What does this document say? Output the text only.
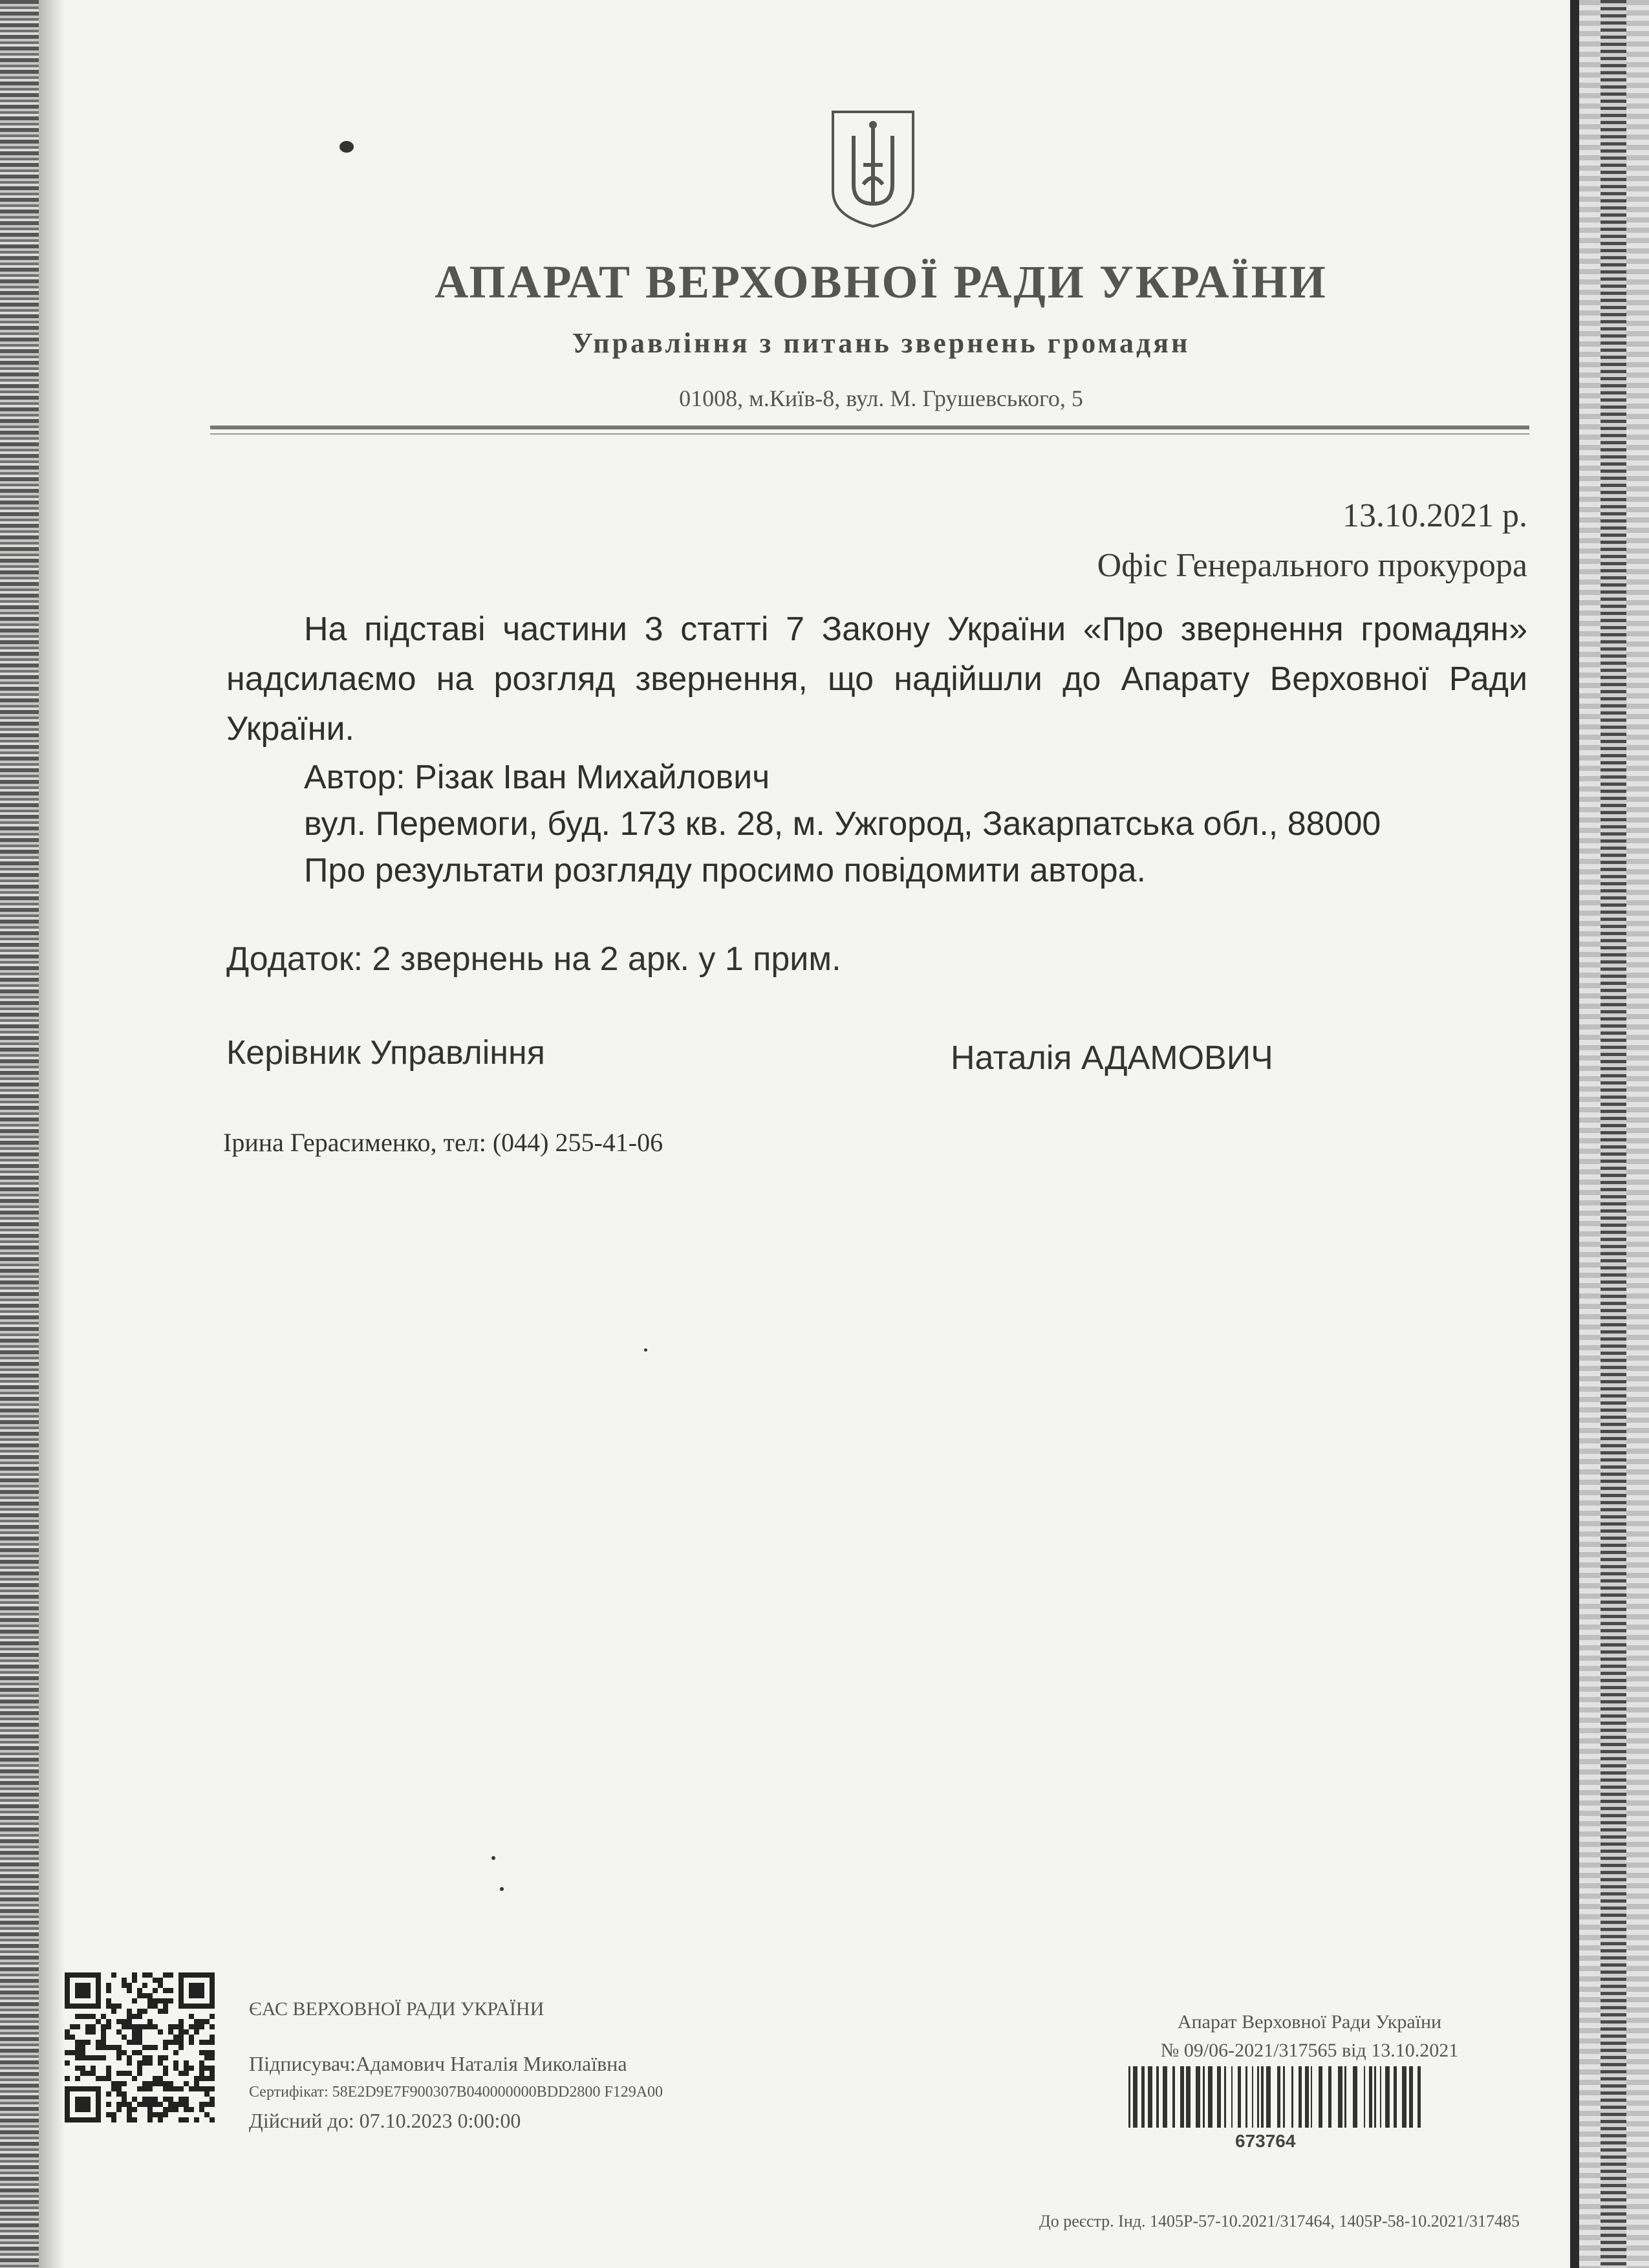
АПАРАТ ВЕРХОВНОЇ РАДИ УКРАЇНИ
Управління з питань звернень громадян
01008, м.Київ-8, вул. М. Грушевського, 5
13.10.2021 р.
Офіс Генерального прокурора

На підставі частини 3 статті 7 Закону України «Про звернення громадян» надсилаємо на розгляд звернення, що надійшли до Апарату Верховної Ради України.

Автор: Різак Іван Михайлович

вул. Перемоги, буд. 173 кв. 28, м. Ужгород, Закарпатська обл., 88000

Про результати розгляду просимо повідомити автора.

Додаток: 2 звернень на 2 арк. у 1 прим.
Керівник Управління	Наталія АДАМОВИЧ
Ірина Герасименко, тел: (044) 255-41-06
ЄАС ВЕРХОВНОЇ РАДИ УКРАЇНИ
Підписувач:Адамович Наталія Миколаївна
Сертифікат: 58E2D9E7F900307B040000000BDD2800 F129A00
Дійсний до: 07.10.2023 0:00:00
Апарат Верховної Ради України
№ 09/06-2021/317565 від 13.10.2021
673764
До реєстр. Інд. 1405Р-57-10.2021/317464, 1405Р-58-10.2021/317485
